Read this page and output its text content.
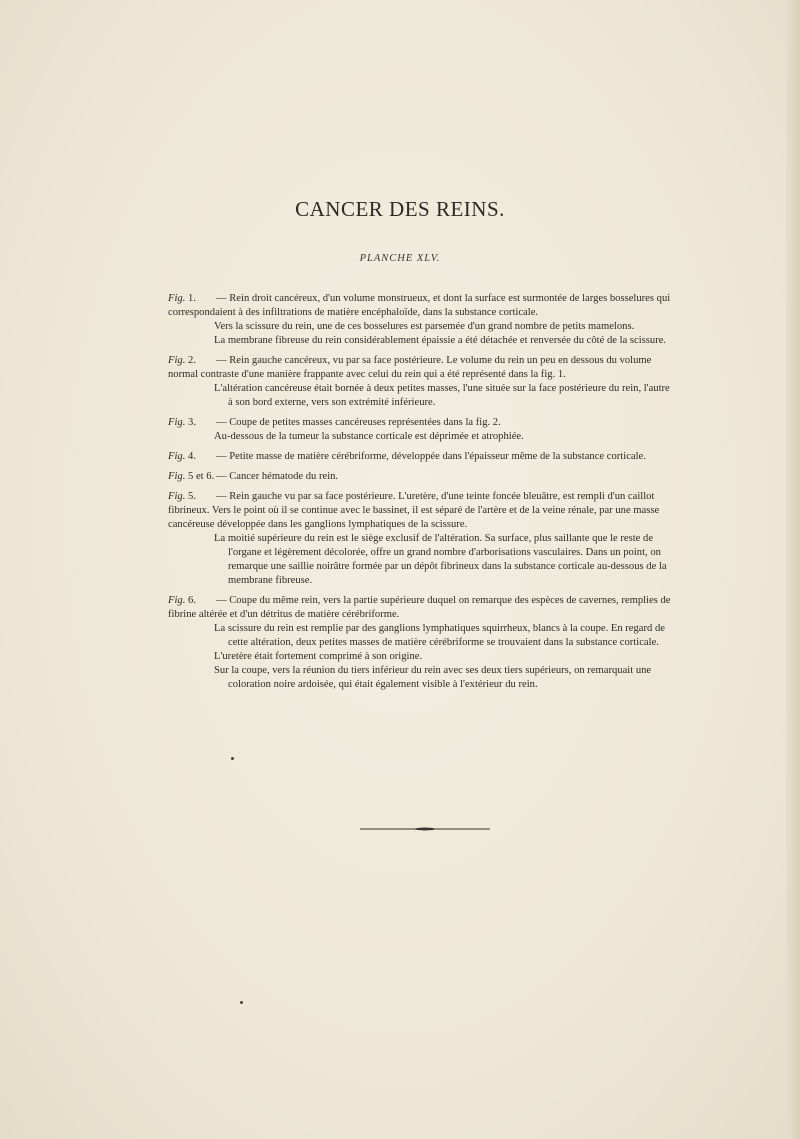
CANCER DES REINS.
PLANCHE XLV.
Fig. 1. — Rein droit cancéreux, d'un volume monstrueux, et dont la surface est surmontée de larges bosselures qui correspondaient à des infiltrations de matière encéphaloïde, dans la substance corticale.
Vers la scissure du rein, une de ces bosselures est parsemée d'un grand nombre de petits mamelons.
La membrane fibreuse du rein considérablement épaissie a été détachée et renversée du côté de la scissure.
Fig. 2. — Rein gauche cancéreux, vu par sa face postérieure. Le volume du rein un peu en dessous du volume normal contraste d'une manière frappante avec celui du rein qui a été représenté dans la fig. 1.
L'altération cancéreuse était bornée à deux petites masses, l'une située sur la face postérieure du rein, l'autre à son bord externe, vers son extrémité inférieure.
Fig. 3. — Coupe de petites masses cancéreuses représentées dans la fig. 2.
Au-dessous de la tumeur la substance corticale est déprimée et atrophiée.
Fig. 4. — Petite masse de matière cérébriforme, développée dans l'épaisseur même de la substance corticale.
Fig. 5 et 6. — Cancer hématode du rein.
Fig. 5. — Rein gauche vu par sa face postérieure. L'uretère, d'une teinte foncée bleuâtre, est rempli d'un caillot fibrineux. Vers le point où il se continue avec le bassinet, il est séparé de l'artère et de la veine rénale, par une masse cancéreuse développée dans les ganglions lymphatiques de la scissure.
La moitié supérieure du rein est le siège exclusif de l'altération. Sa surface, plus saillante que le reste de l'organe et légèrement décolorée, offre un grand nombre d'arborisations vasculaires. Dans un point, on remarque une saillie noirâtre formée par un dépôt fibrineux dans la substance corticale au-dessous de la membrane fibreuse.
Fig. 6. — Coupe du même rein, vers la partie supérieure duquel on remarque des espèces de cavernes, remplies de fibrine altérée et d'un détritus de matière cérébriforme.
La scissure du rein est remplie par des ganglions lymphatiques squirrheux, blancs à la coupe. En regard de cette altération, deux petites masses de matière cérébriforme se trouvaient dans la substance corticale.
L'uretère était fortement comprimé à son origine.
Sur la coupe, vers la réunion du tiers inférieur du rein avec ses deux tiers supérieurs, on remarquait une coloration noire ardoisée, qui était également visible à l'extérieur du rein.
